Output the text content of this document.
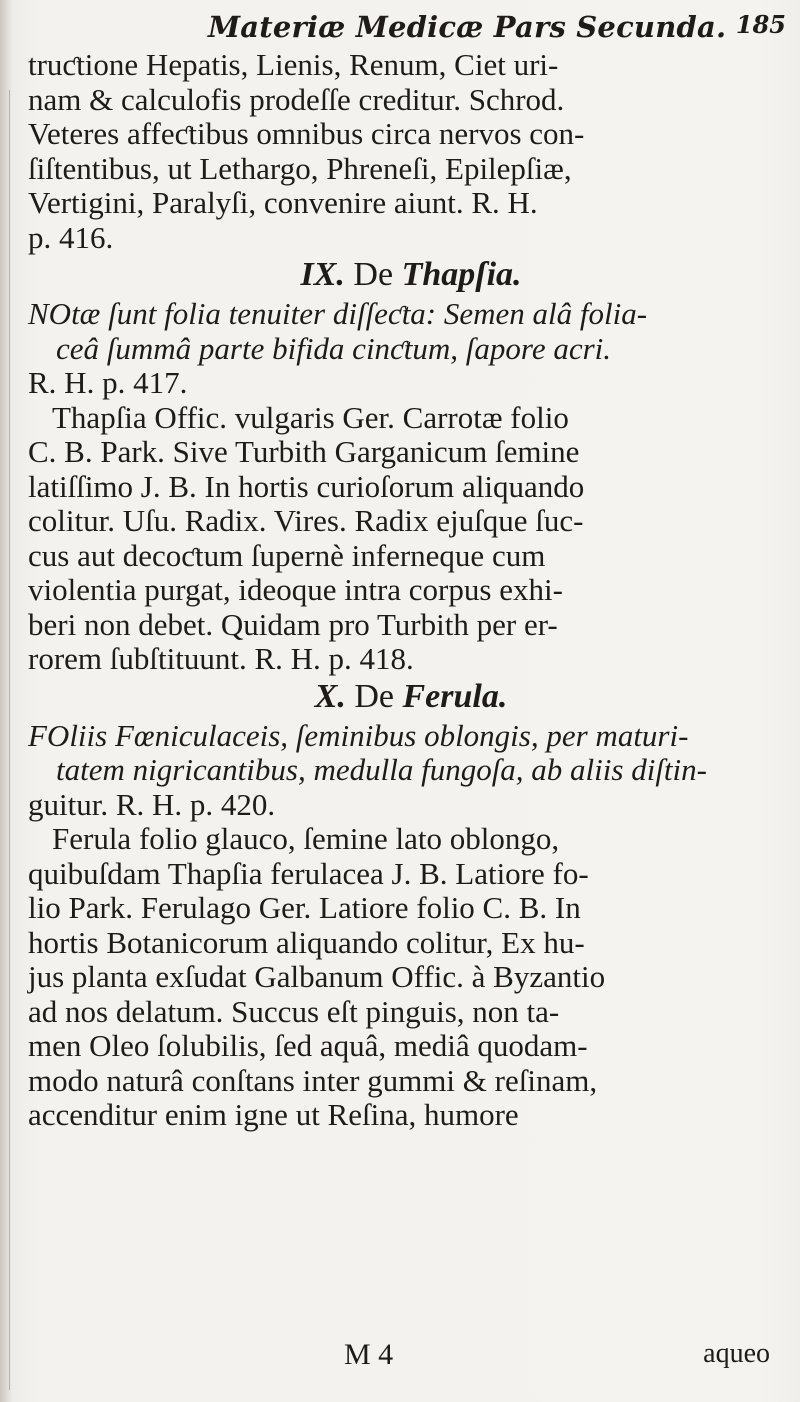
Materiæ Medicæ Pars Secunda. 185
truƈtione Hepatis, Lienis, Renum, Ciet uri-
nam & calculofis prodeſſe creditur. Schrod.
Veteres affeƈtibus omnibus circa nervos con-
ſiſtentibus, ut Lethargo, Phreneſi, Epilepſiæ,
Vertigini, Paralyſi, convenire aiunt. R. H.
p. 416.
IX. De Thapſia.
NOtæ ſunt folia tenuiter diſſeƈta: Semen alâ folia-
ceâ ſummâ parte bifida cinƈtum, ſapore acri.
R. H. p. 417.
Thapſia Offic. vulgaris Ger. Carrotæ folio
C. B. Park. Sive Turbith Garganicum ſemine
latiſſimo J. B. In hortis curioſorum aliquando
colitur. Uſu. Radix. Vires. Radix ejuſque ſuc-
cus aut decoƈtum ſupernè inferneque cum
violentia purgat, ideoque intra corpus exhi-
beri non debet. Quidam pro Turbith per er-
rorem ſubſtituunt. R. H. p. 418.
X. De Ferula.
FOliis Fœniculaceis, ſeminibus oblongis, per maturi-
tatem nigricantibus, medulla fungoſa, ab aliis diſtin-
guitur. R. H. p. 420.
Ferula folio glauco, ſemine lato oblongo,
quibuſdam Thapſia ferulacea J. B. Latiore fo-
lio Park. Ferulago Ger. Latiore folio C. B. In
hortis Botanicorum aliquando colitur, Ex hu-
jus planta exſudat Galbanum Offic. à Byzantio
ad nos delatum. Succus eſt pinguis, non ta-
men Oleo ſolubilis, ſed aquâ, mediâ quodam-
modo naturâ conſtans inter gummi & reſinam,
accenditur enim igne ut Reſina, humore
M 4	aqueo
